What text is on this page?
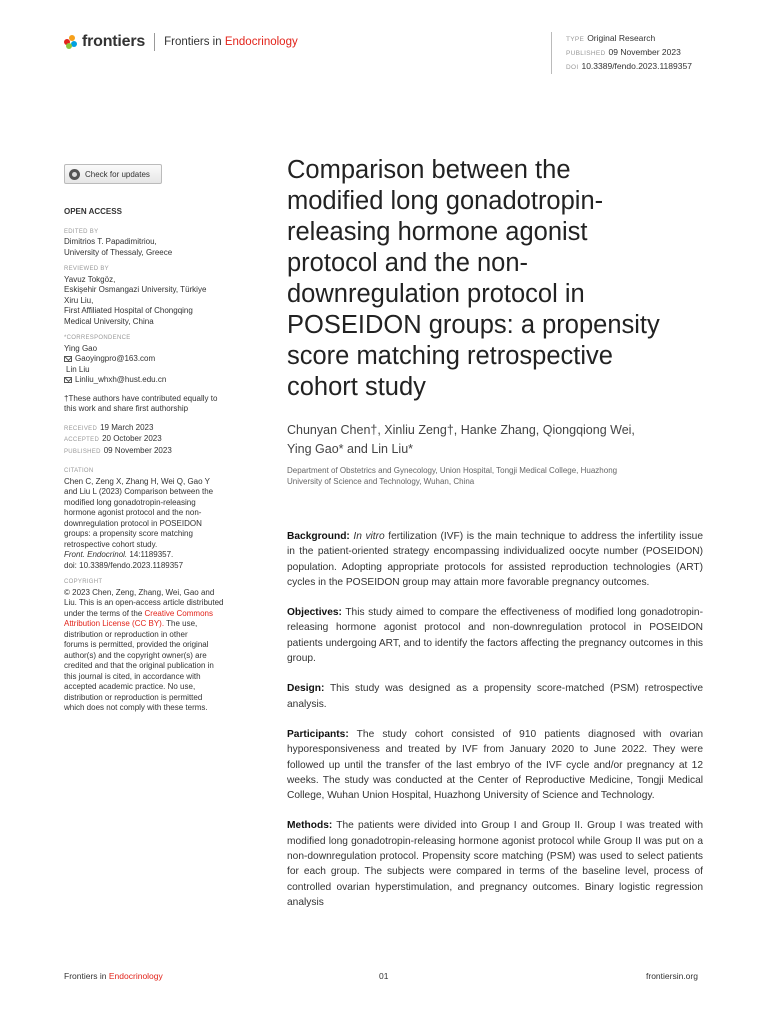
frontiers Frontiers in Endocrinology	TYPE Original Research
PUBLISHED 09 November 2023
DOI 10.3389/fendo.2023.1189357
Check for updates
OPEN ACCESS
EDITED BY
Dimitrios T. Papadimitriou,
University of Thessaly, Greece
REVIEWED BY
Yavuz Tokgöz,
Eskişehir Osmangazi University, Türkiye
Xiru Liu,
First Affiliated Hospital of Chongqing
Medical University, China
*CORRESPONDENCE
Ying Gao
Gaoyingpro@163.com
Lin Liu
Linliu_whxh@hust.edu.cn
†These authors have contributed equally to
this work and share first authorship
RECEIVED 19 March 2023
ACCEPTED 20 October 2023
PUBLISHED 09 November 2023
CITATION
Chen C, Zeng X, Zhang H, Wei Q, Gao Y
and Liu L (2023) Comparison between the
modified long gonadotropin-releasing
hormone agonist protocol and the non-
downregulation protocol in POSEIDON
groups: a propensity score matching
retrospective cohort study.
Front. Endocrinol. 14:1189357.
doi: 10.3389/fendo.2023.1189357
COPYRIGHT
© 2023 Chen, Zeng, Zhang, Wei, Gao and
Liu. This is an open-access article distributed
under the terms of the Creative Commons
Attribution License (CC BY). The use,
distribution or reproduction in other
forums is permitted, provided the original
author(s) and the copyright owner(s) are
credited and that the original publication in
this journal is cited, in accordance with
accepted academic practice. No use,
distribution or reproduction is permitted
which does not comply with these terms.
Comparison between the
modified long gonadotropin-
releasing hormone agonist
protocol and the non-
downregulation protocol in
POSEIDON groups: a propensity
score matching retrospective
cohort study
Chunyan Chen†, Xinliu Zeng†, Hanke Zhang, Qiongqiong Wei,
Ying Gao* and Lin Liu*
Department of Obstetrics and Gynecology, Union Hospital, Tongji Medical College, Huazhong
University of Science and Technology, Wuhan, China

Background: In vitro fertilization (IVF) is the main technique to address the infertility issue in the patient-oriented strategy encompassing individualized oocyte number (POSEIDON) population. Adopting appropriate protocols for assisted reproduction technologies (ART) cycles in the POSEIDON group may attain more favorable pregnancy outcomes.

Objectives: This study aimed to compare the effectiveness of modified long gonadotropin-releasing hormone agonist protocol and non-downregulation protocol in POSEIDON patients undergoing ART, and to identify the factors affecting the pregnancy outcomes in this group.

Design: This study was designed as a propensity score-matched (PSM) retrospective analysis.

Participants: The study cohort consisted of 910 patients diagnosed with ovarian hyporesponsiveness and treated by IVF from January 2020 to June 2022. They were followed up until the transfer of the last embryo of the IVF cycle and/or pregnancy at 12 weeks. The study was conducted at the Center of Reproductive Medicine, Tongji Medical College, Wuhan Union Hospital, Huazhong University of Science and Technology.

Methods: The patients were divided into Group I and Group II. Group I was treated with modified long gonadotropin-releasing hormone agonist protocol while Group II was put on a non-downregulation protocol. Propensity score matching (PSM) was used to select patients for each group. The subjects were compared in terms of the baseline level, process of controlled ovarian hyperstimulation, and pregnancy outcomes. Binary logistic regression analysis

Frontiers in Endocrinology	01	frontiersin.org
